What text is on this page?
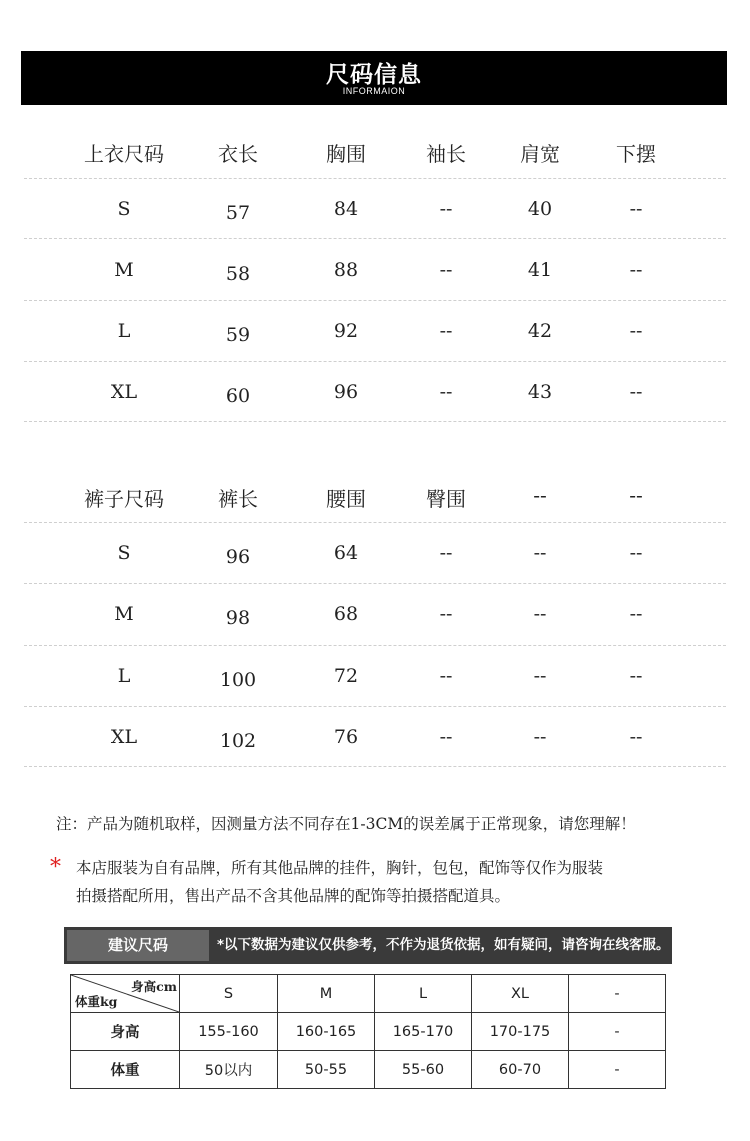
尺码信息
INFORMAION
上衣尺码	衣长	胸围	袖长	肩宽	下摆
S	57	84	--	40	--
M	58	88	--	41	--
L	59	92	--	42	--
XL	60	96	--	43	--
裤子尺码	裤长	腰围	臀围	--	--
S	96	64	--	--	--
M	98	68	--	--	--
L	100	72	--	--	--
XL	102	76	--	--	--
注：产品为随机取样，因测量方法不同存在1-3CM的误差属于正常现象，请您理解！
* 本店服装为自有品牌，所有其他品牌的挂件，胸针，包包，配饰等仅作为服装
拍摄搭配所用，售出产品不含其他品牌的配饰等拍摄搭配道具。
建议尺码	*以下数据为建议仅供参考，不作为退货依据，如有疑问，请咨询在线客服。
身高cm
体重kg	S	M	L	XL	-
身高	155-160	160-165	165-170	170-175	-
体重	50以内	50-55	55-60	60-70	-
